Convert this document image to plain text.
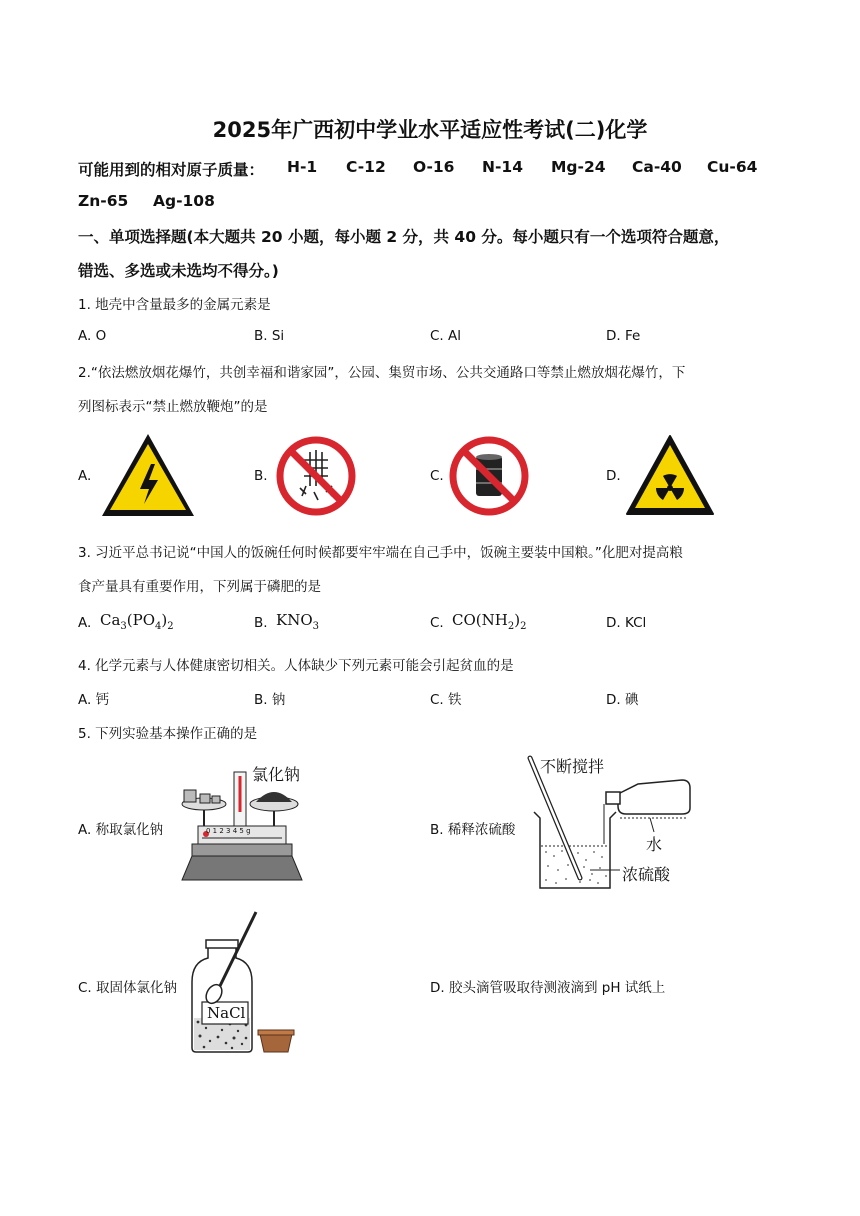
2025年广西初中学业水平适应性考试(二)化学
可能用到的相对原子质量： H-1 C-12 O-16 N-14 Mg-24 Ca-40 Cu-64
Zn-65 Ag-108
一、单项选择题(本大题共 20 小题，每小题 2 分，共 40 分。每小题只有一个选项符合题意，
错选、多选或未选均不得分。)
1. 地壳中含量最多的金属元素是
A. O	B. Si	C. Al	D. Fe
2.“依法燃放烟花爆竹，共创幸福和谐家园”，公园、集贸市场、公共交通路口等禁止燃放烟花爆竹，下
列图标表示“禁止燃放鞭炮”的是
A.	B.	C.	D.
3. 习近平总书记说“中国人的饭碗任何时候都要牢牢端在自己手中，饭碗主要装中国粮。”化肥对提高粮
食产量具有重要作用，下列属于磷肥的是
A. $Ca_3(PO_4)_2$	B. $KNO_3$	C. $CO(NH_2)_2$	D. KCl
4. 化学元素与人体健康密切相关。人体缺少下列元素可能会引起贫血的是
A. 钙	B. 钠	C. 铁	D. 碘
5. 下列实验基本操作正确的是
A. 称取氯化钠	B. 稀释浓硫酸
C. 取固体氯化钠	D. 胶头滴管吸取待测液滴到 pH 试纸上
氯化钠
0 1 2 3 4 5 g
不断搅拌
水
浓硫酸
NaCl
